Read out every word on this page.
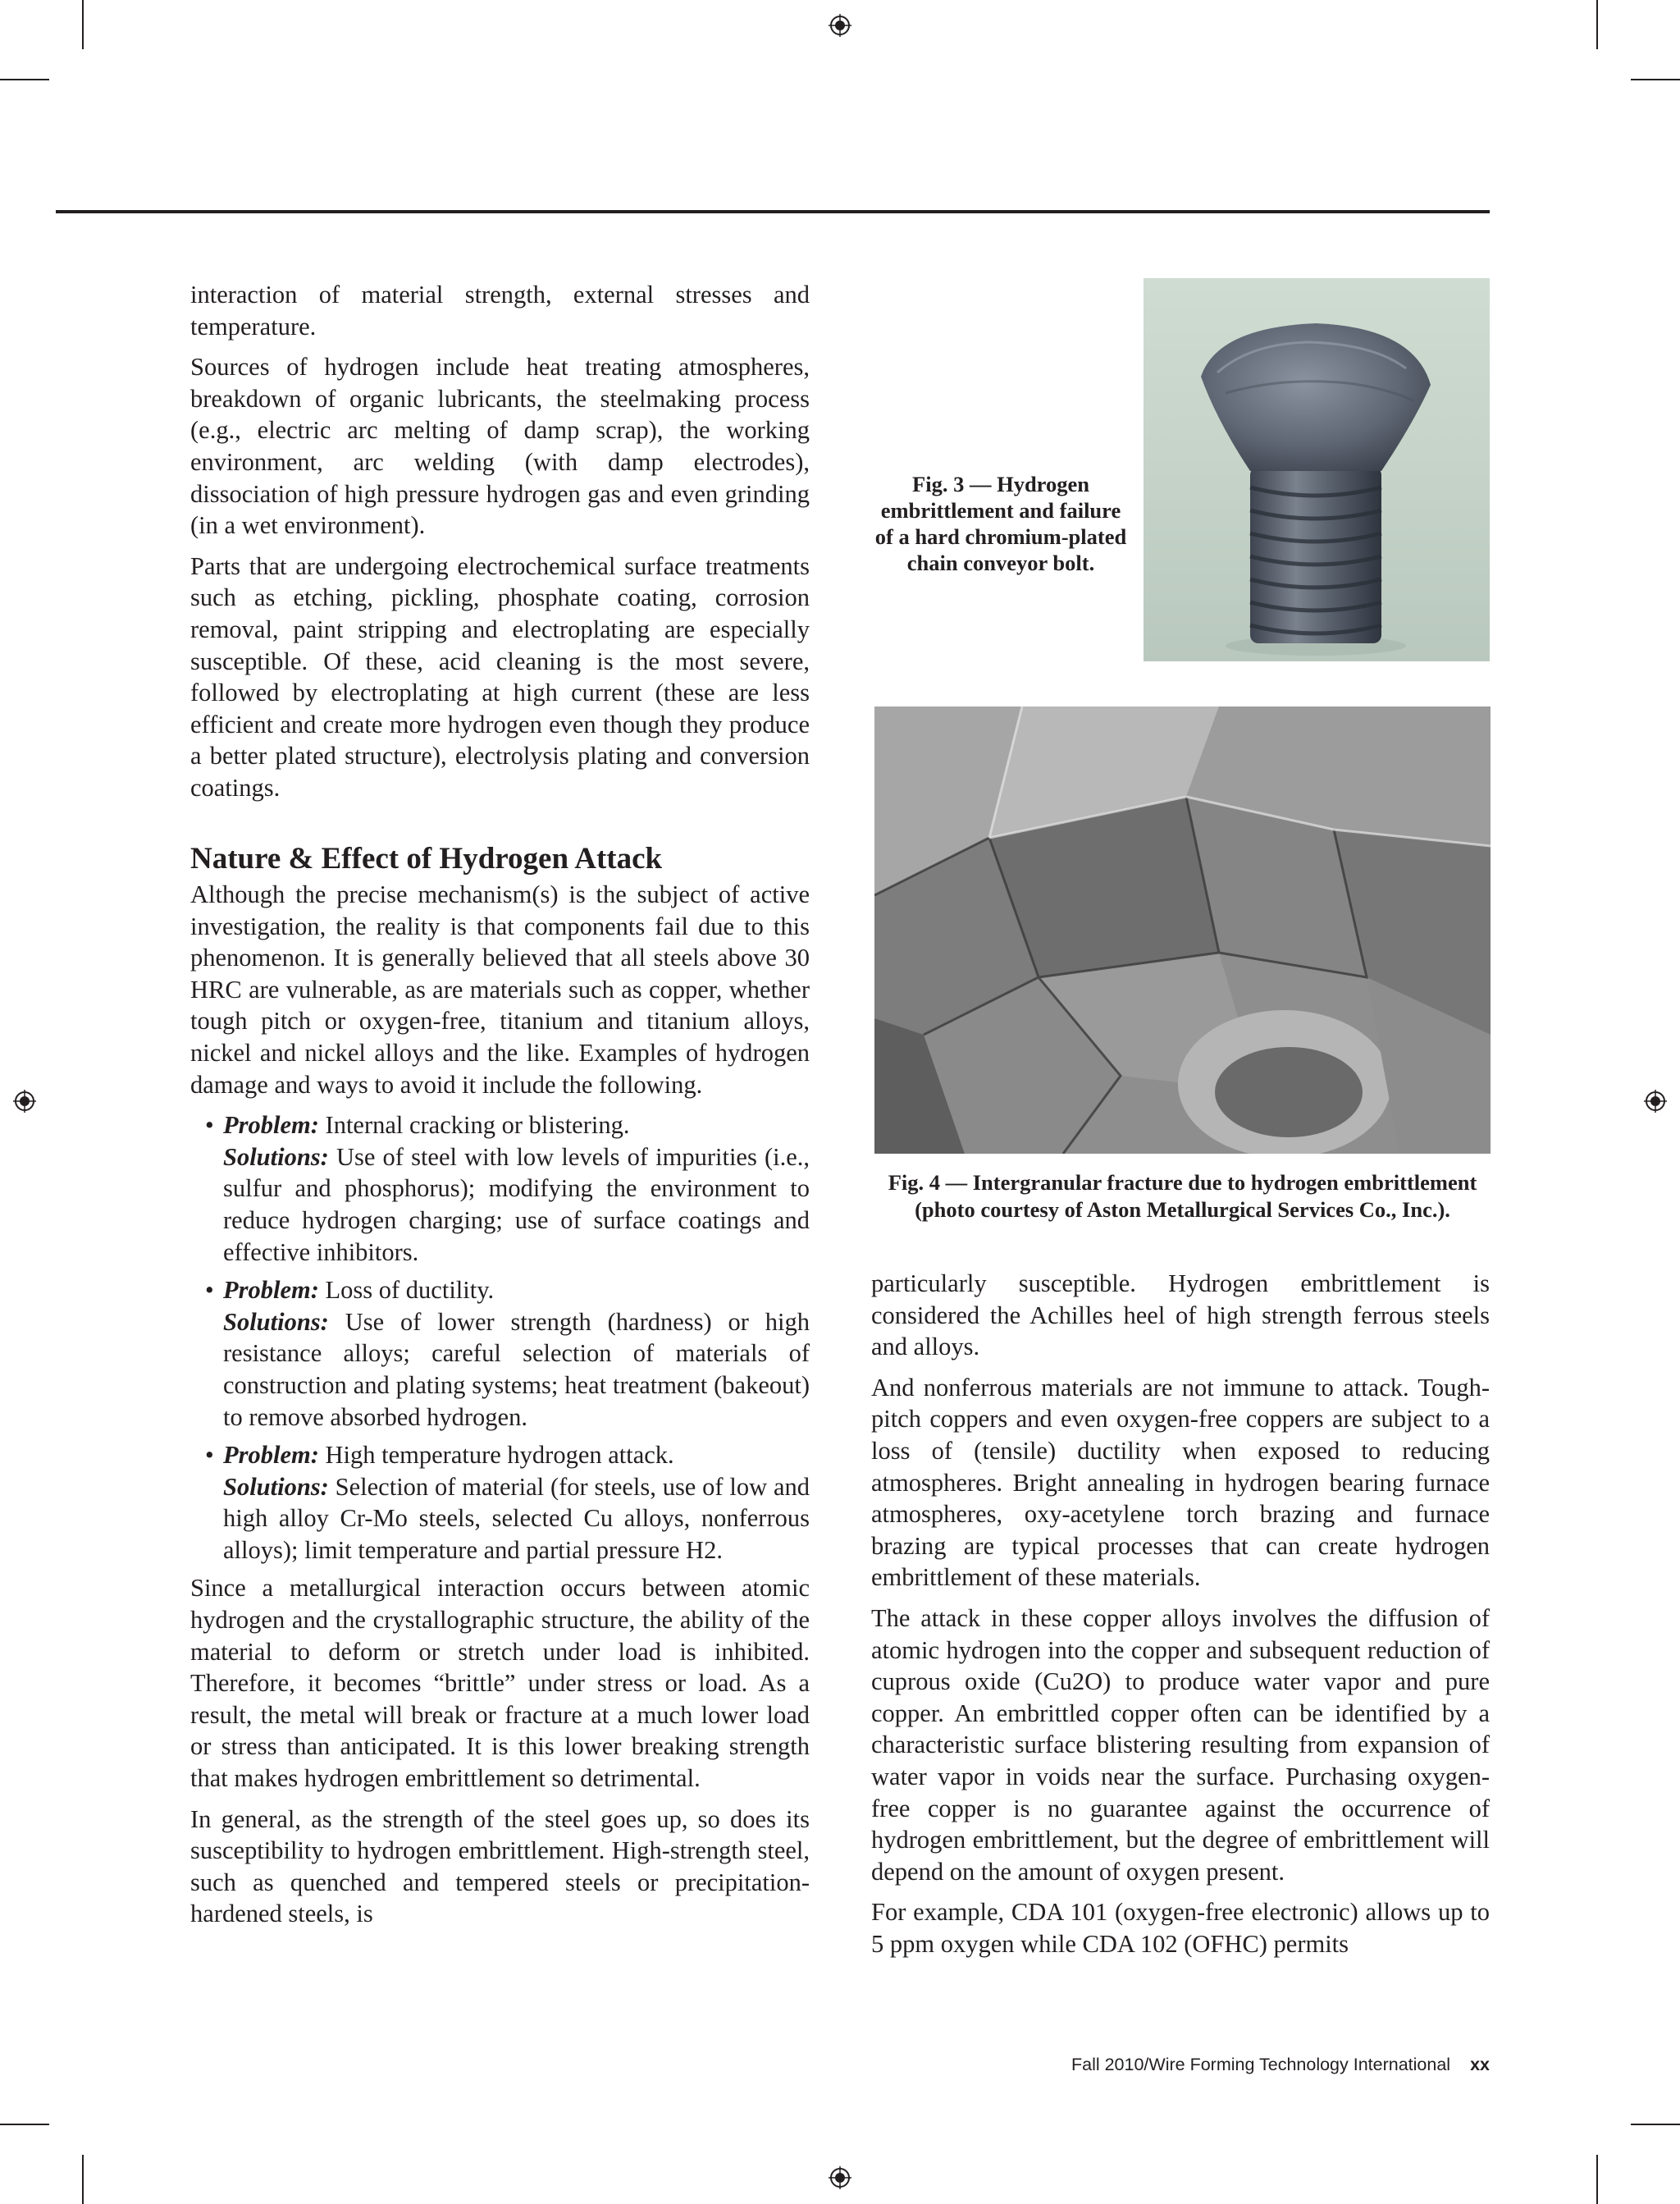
interaction of material strength, external stresses and temperature.

Sources of hydrogen include heat treating atmospheres, breakdown of organic lubricants, the steelmaking process (e.g., electric arc melting of damp scrap), the working environment, arc welding (with damp electrodes), dissociation of high pressure hydrogen gas and even grinding (in a wet environment).

Parts that are undergoing electrochemical surface treatments such as etching, pickling, phosphate coating, corrosion removal, paint stripping and electroplating are especially susceptible. Of these, acid cleaning is the most severe, followed by electroplating at high current (these are less efficient and create more hydrogen even though they produce a better plated structure), electrolysis plating and conversion coatings.

Nature & Effect of Hydrogen Attack

Although the precise mechanism(s) is the subject of active investigation, the reality is that components fail due to this phenomenon. It is generally believed that all steels above 30 HRC are vulnerable, as are materials such as copper, whether tough pitch or oxygen-free, titanium and titanium alloys, nickel and nickel alloys and the like. Examples of hydrogen damage and ways to avoid it include the following.

• Problem: Internal cracking or blistering.
Solutions: Use of steel with low levels of impurities (i.e., sulfur and phosphorus); modifying the environment to reduce hydrogen charging; use of surface coatings and effective inhibitors.
• Problem: Loss of ductility.
Solutions: Use of lower strength (hardness) or high resistance alloys; careful selection of materials of construction and plating systems; heat treatment (bakeout) to remove absorbed hydrogen.
• Problem: High temperature hydrogen attack.
Solutions: Selection of material (for steels, use of low and high alloy Cr-Mo steels, selected Cu alloys, nonferrous alloys); limit temperature and partial pressure H2.

Since a metallurgical interaction occurs between atomic hydrogen and the crystallographic structure, the ability of the material to deform or stretch under load is inhibited. Therefore, it becomes “brittle” under stress or load. As a result, the metal will break or fracture at a much lower load or stress than anticipated. It is this lower breaking strength that makes hydrogen embrittlement so detrimental.

In general, as the strength of the steel goes up, so does its susceptibility to hydrogen embrittlement. High-strength steel, such as quenched and tempered steels or precipitation-hardened steels, is

Fig. 3 — Hydrogen embrittlement and failure of a hard chromium-plated chain conveyor bolt.
Fig. 4 — Intergranular fracture due to hydrogen embrittlement (photo courtesy of Aston Metallurgical Services Co., Inc.).

particularly susceptible. Hydrogen embrittlement is considered the Achilles heel of high strength ferrous steels and alloys.

And nonferrous materials are not immune to attack. Tough-pitch coppers and even oxygen-free coppers are subject to a loss of (tensile) ductility when exposed to reducing atmospheres. Bright annealing in hydrogen bearing furnace atmospheres, oxy-acetylene torch brazing and furnace brazing are typical processes that can create hydrogen embrittlement of these materials.

The attack in these copper alloys involves the diffusion of atomic hydrogen into the copper and subsequent reduction of cuprous oxide (Cu2O) to produce water vapor and pure copper. An embrittled copper often can be identified by a characteristic surface blistering resulting from expansion of water vapor in voids near the surface. Purchasing oxygen-free copper is no guarantee against the occurrence of hydrogen embrittlement, but the degree of embrittlement will depend on the amount of oxygen present.

For example, CDA 101 (oxygen-free electronic) allows up to 5 ppm oxygen while CDA 102 (OFHC) permits

Fall 2010/Wire Forming Technology International xx
